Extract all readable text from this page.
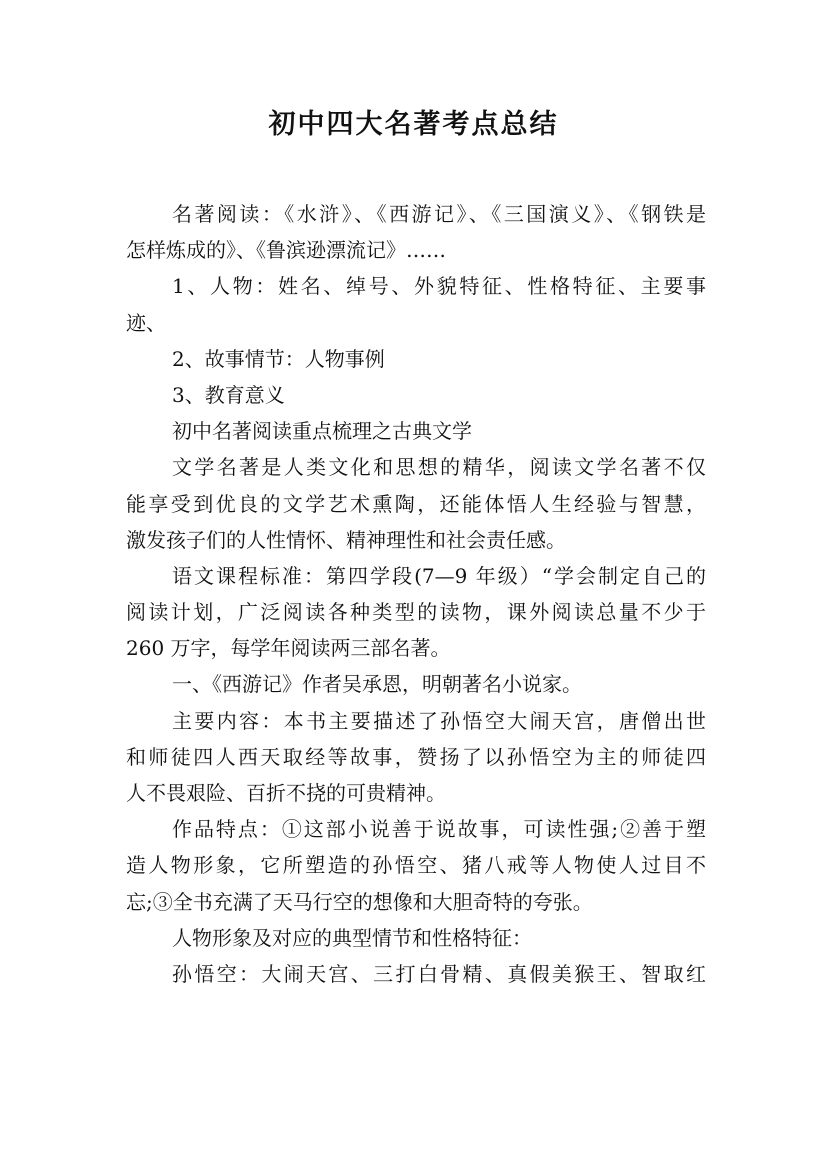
初中四大名著考点总结
名著阅读：《水浒》、《西游记》、《三国演义》、《钢铁是
怎样炼成的》、《鲁滨逊漂流记》……
1、人物：姓名、绰号、外貌特征、性格特征、主要事
迹、
2、故事情节：人物事例
3、教育意义
初中名著阅读重点梳理之古典文学
文学名著是人类文化和思想的精华，阅读文学名著不仅
能享受到优良的文学艺术熏陶，还能体悟人生经验与智慧，
激发孩子们的人性情怀、精神理性和社会责任感。
语文课程标准：第四学段(7—9 年级）“学会制定自己的
阅读计划，广泛阅读各种类型的读物，课外阅读总量不少于
260 万字，每学年阅读两三部名著。
一、《西游记》作者吴承恩，明朝著名小说家。
主要内容：本书主要描述了孙悟空大闹天宫，唐僧出世
和师徒四人西天取经等故事，赞扬了以孙悟空为主的师徒四
人不畏艰险、百折不挠的可贵精神。
作品特点：①这部小说善于说故事，可读性强;②善于塑
造人物形象，它所塑造的孙悟空、猪八戒等人物使人过目不
忘;③全书充满了天马行空的想像和大胆奇特的夸张。
人物形象及对应的典型情节和性格特征：
孙悟空：大闹天宫、三打白骨精、真假美猴王、智取红
